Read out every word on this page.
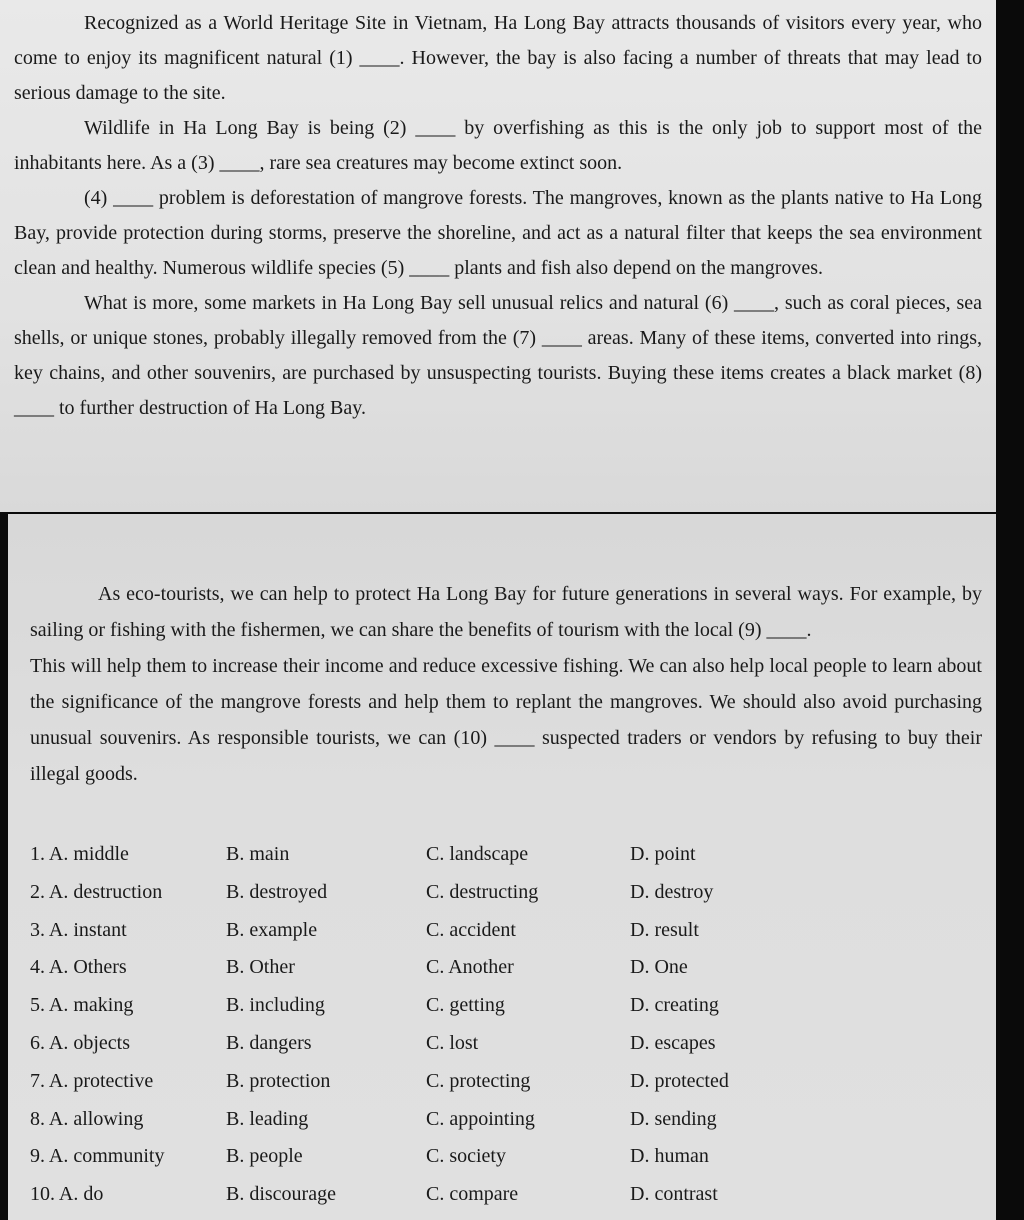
Recognized as a World Heritage Site in Vietnam, Ha Long Bay attracts thousands of visitors every year, who come to enjoy its magnificent natural (1) ____. However, the bay is also facing a number of threats that may lead to serious damage to the site.

Wildlife in Ha Long Bay is being (2) ____ by overfishing as this is the only job to support most of the inhabitants here. As a (3) ____, rare sea creatures may become extinct soon.

(4) ____ problem is deforestation of mangrove forests. The mangroves, known as the plants native to Ha Long Bay, provide protection during storms, preserve the shoreline, and act as a natural filter that keeps the sea environment clean and healthy. Numerous wildlife species (5) ____ plants and fish also depend on the mangroves.

What is more, some markets in Ha Long Bay sell unusual relics and natural (6) ____, such as coral pieces, sea shells, or unique stones, probably illegally removed from the (7) ____ areas. Many of these items, converted into rings, key chains, and other souvenirs, are purchased by unsuspecting tourists. Buying these items creates a black market (8) ____ to further destruction of Ha Long Bay.

As eco-tourists, we can help to protect Ha Long Bay for future generations in several ways. For example, by sailing or fishing with the fishermen, we can share the benefits of tourism with the local (9) ____.

This will help them to increase their income and reduce excessive fishing. We can also help local people to learn about the significance of the mangrove forests and help them to replant the mangroves. We should also avoid purchasing unusual souvenirs. As responsible tourists, we can (10) ____ suspected traders or vendors by refusing to buy their illegal goods.

1. A. middle	B. main	C. landscape	D. point
2. A. destruction	B. destroyed	C. destructing	D. destroy
3. A. instant	B. example	C. accident	D. result
4. A. Others	B. Other	C. Another	D. One
5. A. making	B. including	C. getting	D. creating
6. A. objects	B. dangers	C. lost	D. escapes
7. A. protective	B. protection	C. protecting	D. protected
8. A. allowing	B. leading	C. appointing	D. sending
9. A. community	B. people	C. society	D. human
10. A. do	B. discourage	C. compare	D. contrast
